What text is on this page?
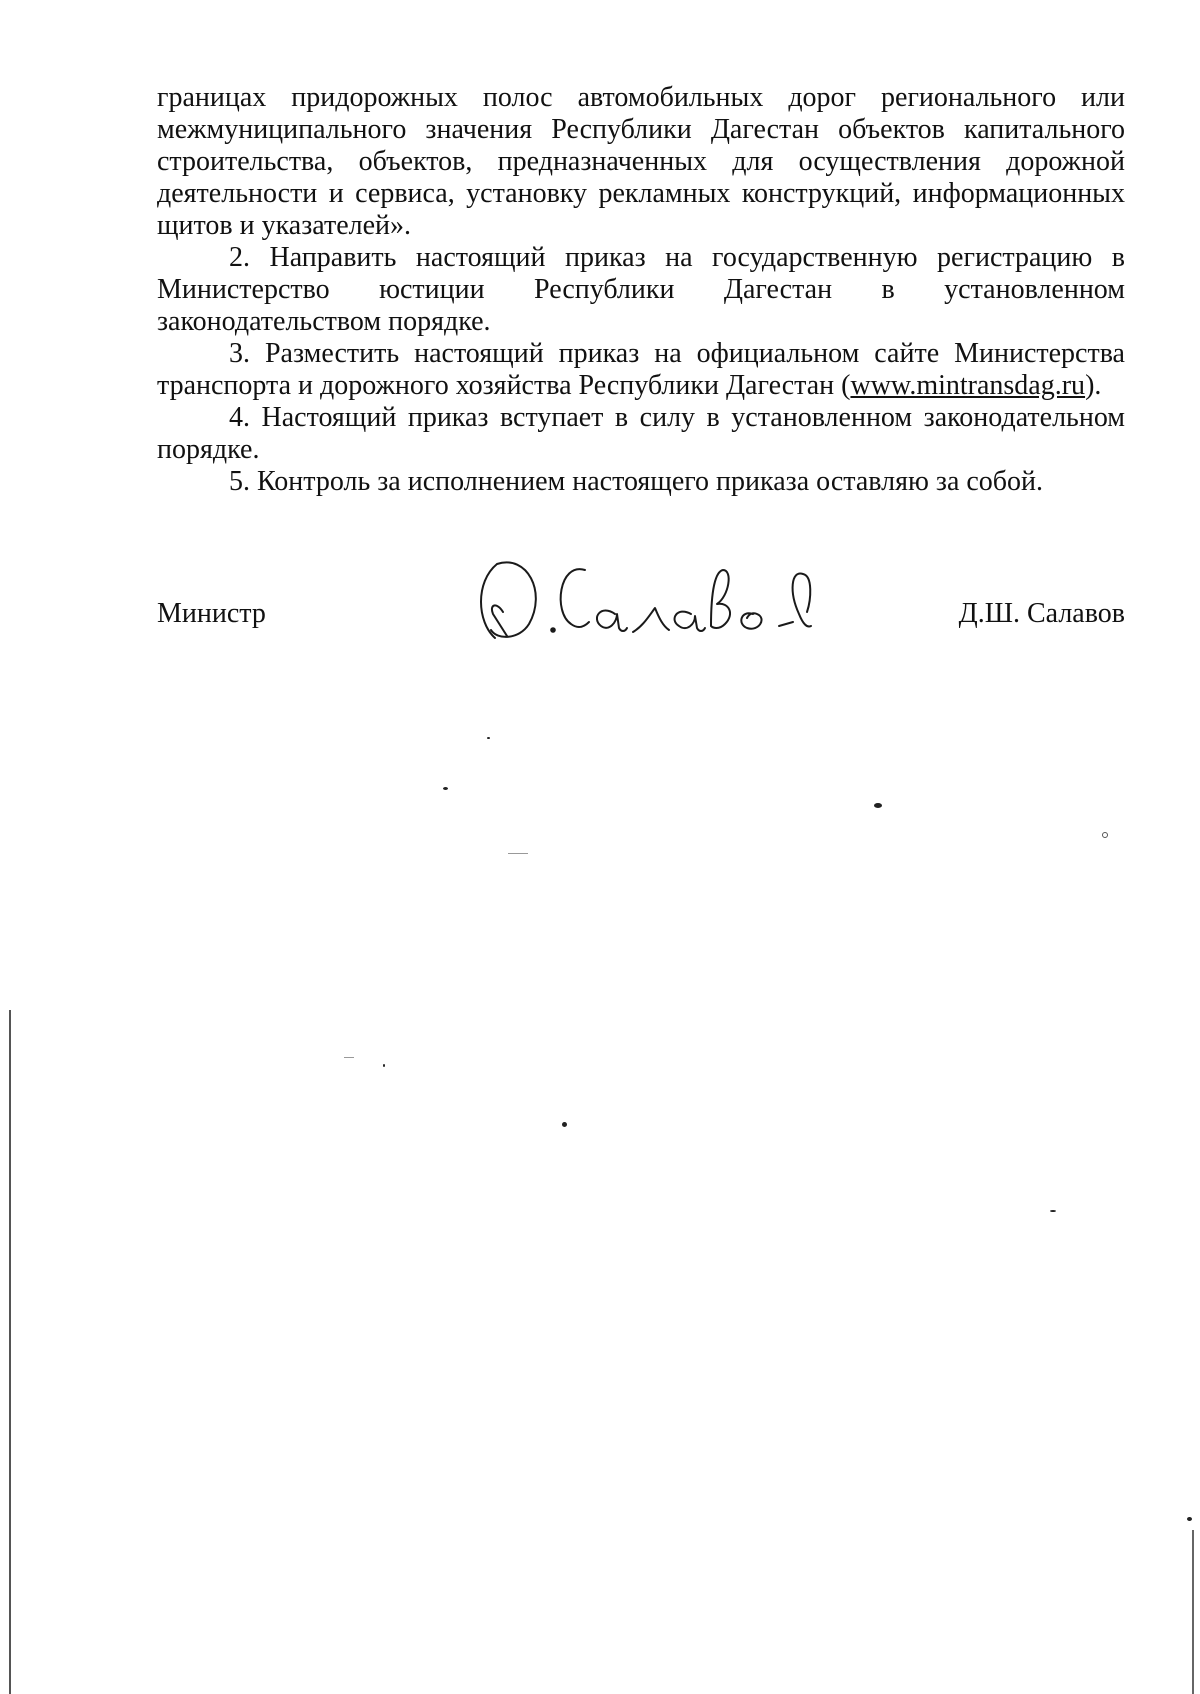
границах придорожных полос автомобильных дорог регионального или межмуниципального значения Республики Дагестан объектов капитального строительства, объектов, предназначенных для осуществления дорожной деятельности и сервиса, установку рекламных конструкций, информационных щитов и указателей».

2. Направить настоящий приказ на государственную регистрацию в Министерство юстиции Республики Дагестан в установленном законодательством порядке.

3. Разместить настоящий приказ на официальном сайте Министерства транспорта и дорожного хозяйства Республики Дагестан (www.mintransdag.ru).

4. Настоящий приказ вступает в силу в установленном законодательном порядке.

5. Контроль за исполнением настоящего приказа оставляю за собой.

Министр	Д.Ш. Салавов
